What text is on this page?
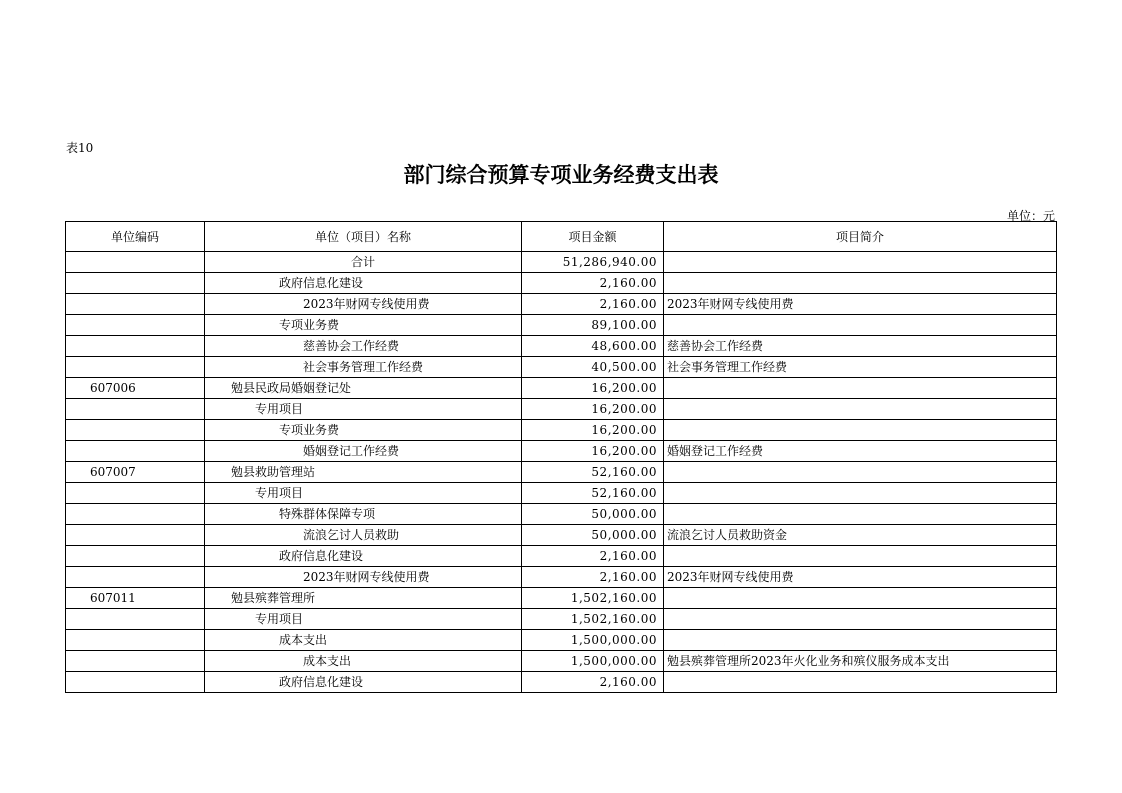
表10
部门综合预算专项业务经费支出表
单位：元
单位编码	单位（项目）名称	项目金额	项目简介
	合计	51,286,940.00	
	政府信息化建设	2,160.00	
	2023年财网专线使用费	2,160.00	2023年财网专线使用费
	专项业务费	89,100.00	
	慈善协会工作经费	48,600.00	慈善协会工作经费
	社会事务管理工作经费	40,500.00	社会事务管理工作经费
607006	勉县民政局婚姻登记处	16,200.00	
	专用项目	16,200.00	
	专项业务费	16,200.00	
	婚姻登记工作经费	16,200.00	婚姻登记工作经费
607007	勉县救助管理站	52,160.00	
	专用项目	52,160.00	
	特殊群体保障专项	50,000.00	
	流浪乞讨人员救助	50,000.00	流浪乞讨人员救助资金
	政府信息化建设	2,160.00	
	2023年财网专线使用费	2,160.00	2023年财网专线使用费
607011	勉县殡葬管理所	1,502,160.00	
	专用项目	1,502,160.00	
	成本支出	1,500,000.00	
	成本支出	1,500,000.00	勉县殡葬管理所2023年火化业务和殡仪服务成本支出
	政府信息化建设	2,160.00	
